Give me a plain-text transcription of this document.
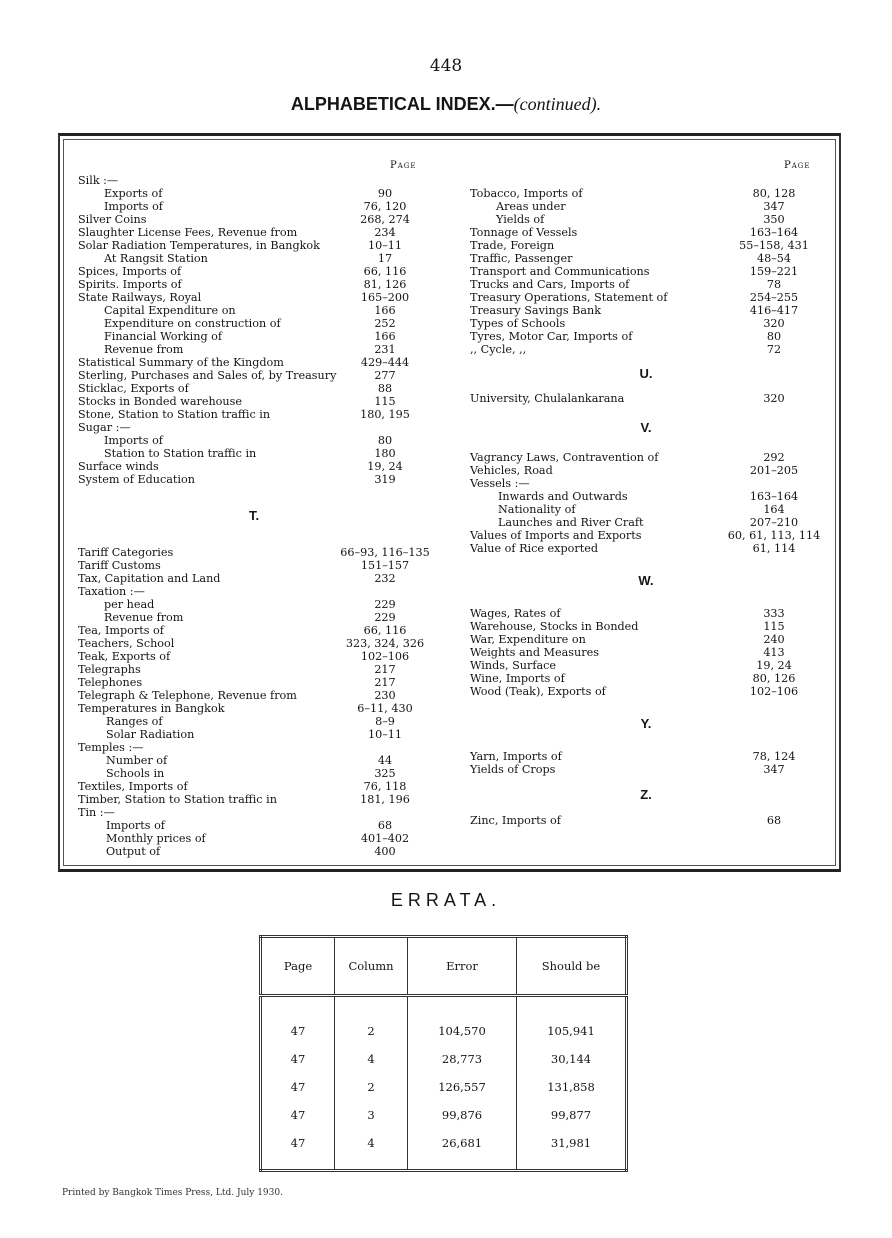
448
ALPHABETICAL INDEX.—(continued).
Page
Silk :—
Exports of	90
Imports of	76, 120
Silver Coins	268, 274
Slaughter License Fees, Revenue from	234
Solar Radiation Temperatures, in Bangkok	10–11
At Rangsit Station	17
Spices, Imports of	66, 116
Spirits. Imports of	81, 126
State Railways, Royal	165–200
Capital Expenditure on	166
Expenditure on construction of	252
Financial Working of	166
Revenue from	231
Statistical Summary of the Kingdom	429–444
Sterling, Purchases and Sales of, by Treasury	277
Sticklac, Exports of	88
Stocks in Bonded warehouse	115
Stone, Station to Station traffic in	180, 195
Sugar :—
Imports of	80
Station to Station traffic in	180
Surface winds	19, 24
System of Education	319
T.
Tariff Categories	66–93, 116–135
Tariff Customs	151–157
Tax, Capitation and Land	232
Taxation :—
per head	229
Revenue from	229
Tea, Imports of	66, 116
Teachers, School	323, 324, 326
Teak, Exports of	102–106
Telegraphs	217
Telephones	217
Telegraph & Telephone, Revenue from	230
Temperatures in Bangkok	6–11, 430
Ranges of	8–9
Solar Radiation	10–11
Temples :—
Number of	44
Schools in	325
Textiles, Imports of	76, 118
Timber, Station to Station traffic in	181, 196
Tin :—
Imports of	68
Monthly prices of	401–402
Output of	400
Page
Tobacco, Imports of	80, 128
Areas under	347
Yields of	350
Tonnage of Vessels	163–164
Trade, Foreign	55–158, 431
Traffic, Passenger	48–54
Transport and Communications	159–221
Trucks and Cars, Imports of	78
Treasury Operations, Statement of	254–255
Treasury Savings Bank	416–417
Types of Schools	320
Tyres, Motor Car, Imports of	80
,, Cycle, ,,	72
U.
University, Chulalankarana	320
V.
Vagrancy Laws, Contravention of	292
Vehicles, Road	201–205
Vessels :—
Inwards and Outwards	163–164
Nationality of	164
Launches and River Craft	207–210
Values of Imports and Exports	60, 61, 113, 114
Value of Rice exported	61, 114
W.
Wages, Rates of	333
Warehouse, Stocks in Bonded	115
War, Expenditure on	240
Weights and Measures	413
Winds, Surface	19, 24
Wine, Imports of	80, 126
Wood (Teak), Exports of	102–106
Y.
Yarn, Imports of	78, 124
Yields of Crops	347
Z.
Zinc, Imports of	68
ERRATA.
Page	Column	Error	Should be

47	2	104,570	105,941
47	4	28,773	30,144
47	2	126,557	131,858
47	3	99,876	99,877
47	4	26,681	31,981

Printed by Bangkok Times Press, Ltd. July 1930.
